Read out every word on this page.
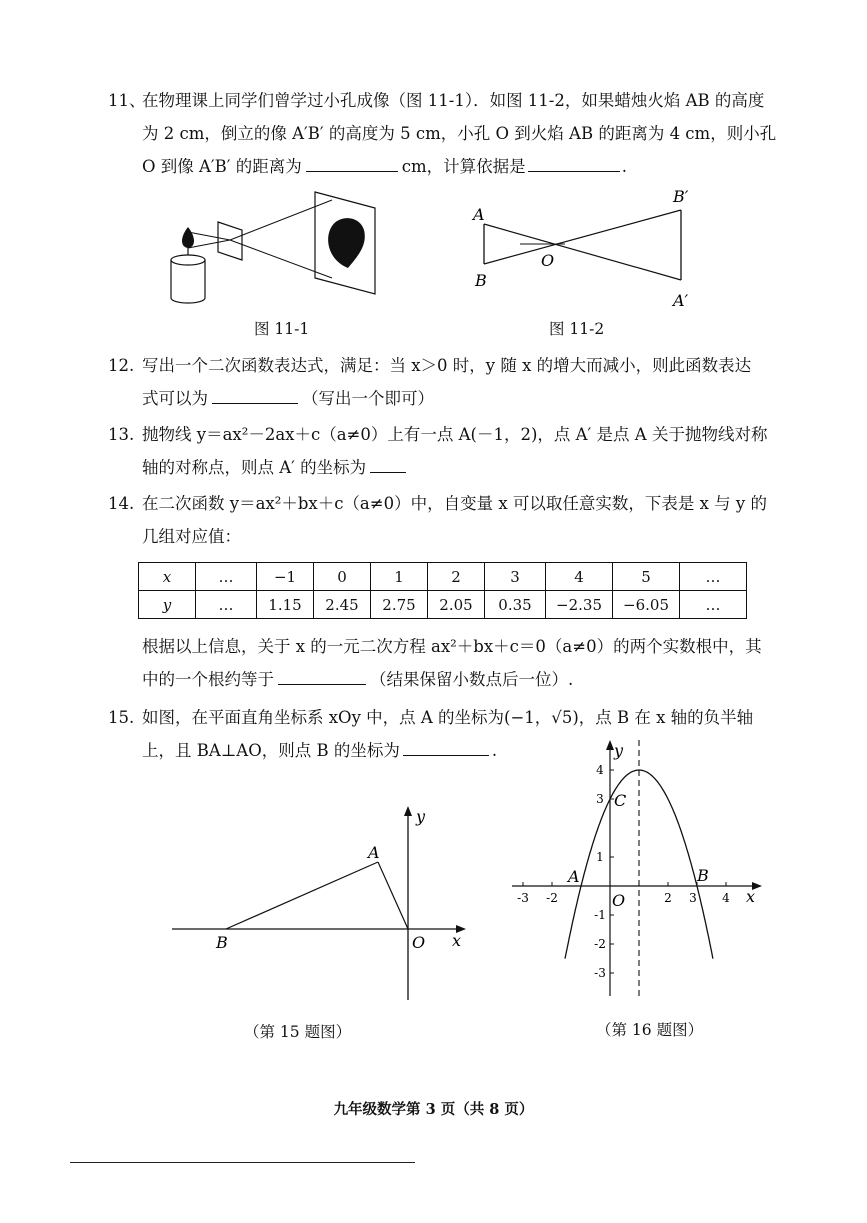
11、在物理课上同学们曾学过小孔成像（图 11-1）．如图 11-2，如果蜡烛火焰 AB 的高度
为 2 cm，倒立的像 A′B′ 的高度为 5 cm，小孔 O 到火焰 AB 的距离为 4 cm，则小孔
O 到像 A′B′ 的距离为	cm，计算依据是	.
图 11-1
A
B
O
B′
A′
图 11-2
12. 写出一个二次函数表达式，满足：当 x＞0 时，y 随 x 的增大而减小，则此函数表达
式可以为	（写出一个即可）
13. 抛物线 y＝ax²－2ax＋c（a≠0）上有一点 A(－1，2)，点 A′ 是点 A 关于抛物线对称
轴的对称点，则点 A′ 的坐标为
14. 在二次函数 y＝ax²＋bx＋c（a≠0）中，自变量 x 可以取任意实数，下表是 x 与 y 的
几组对应值：
x	…	−1	0	1	2	3	4	5	…
y	…	1.15	2.45	2.75	2.05	0.35	−2.35	−6.05	…
根据以上信息，关于 x 的一元二次方程 ax²＋bx＋c＝0（a≠0）的两个实数根中，其
中的一个根约等于	（结果保留小数点后一位）.
15. 如图，在平面直角坐标系 xOy 中，点 A 的坐标为(−1，√5)，点 B 在 x 轴的负半轴
上，且 BA⊥AO，则点 B 的坐标为	.
B
A
O x
y
（第 15 题图）
-3 -2	2 3 4
4
3
1
-1
-2
-3
y
x
O
A	B
C
（第 16 题图）
九年级数学第 3 页（共 8 页）
